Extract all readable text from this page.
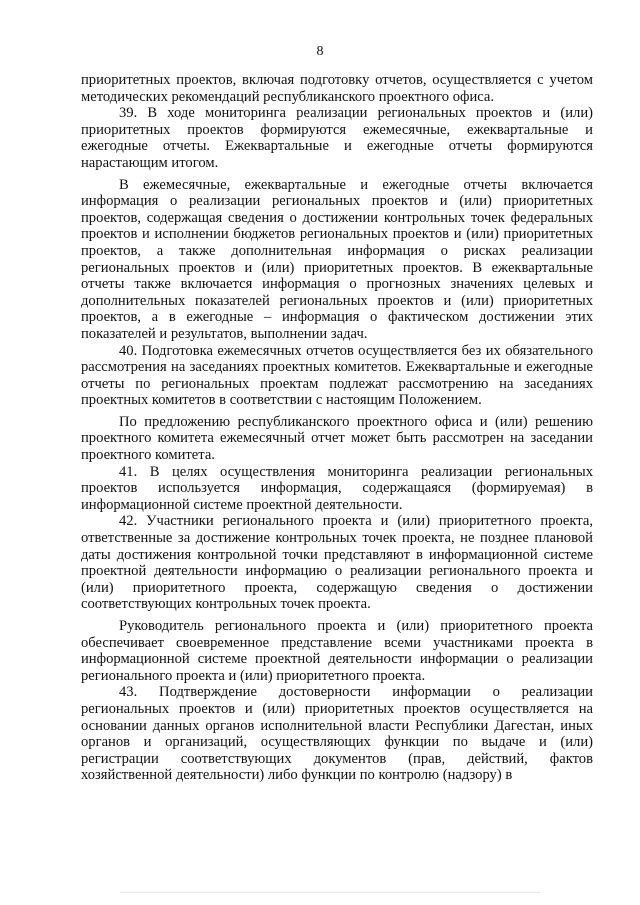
8

приоритетных проектов, включая подготовку отчетов, осуществляется с учетом методических рекомендаций республиканского проектного офиса.

39. В ходе мониторинга реализации региональных проектов и (или) приоритетных проектов формируются ежемесячные, ежеквартальные и ежегодные отчеты. Ежеквартальные и ежегодные отчеты формируются нарастающим итогом.

В ежемесячные, ежеквартальные и ежегодные отчеты включается информация о реализации региональных проектов и (или) приоритетных проектов, содержащая сведения о достижении контрольных точек федеральных проектов и исполнении бюджетов региональных проектов и (или) приоритетных проектов, а также дополнительная информация о рисках реализации региональных проектов и (или) приоритетных проектов. В ежеквартальные отчеты также включается информация о прогнозных значениях целевых и дополнительных показателей региональных проектов и (или) приоритетных проектов, а в ежегодные – информация о фактическом достижении этих показателей и результатов, выполнении задач.

40. Подготовка ежемесячных отчетов осуществляется без их обязательного рассмотрения на заседаниях проектных комитетов. Ежеквартальные и ежегодные отчеты по региональных проектам подлежат рассмотрению на заседаниях проектных комитетов в соответствии с настоящим Положением.

По предложению республиканского проектного офиса и (или) решению проектного комитета ежемесячный отчет может быть рассмотрен на заседании проектного комитета.

41. В целях осуществления мониторинга реализации региональных проектов используется информация, содержащаяся (формируемая) в информационной системе проектной деятельности.

42. Участники регионального проекта и (или) приоритетного проекта, ответственные за достижение контрольных точек проекта, не позднее плановой даты достижения контрольной точки представляют в информационной системе проектной деятельности информацию о реализации регионального проекта и (или) приоритетного проекта, содержащую сведения о достижении соответствующих контрольных точек проекта.

Руководитель регионального проекта и (или) приоритетного проекта обеспечивает своевременное представление всеми участниками проекта в информационной системе проектной деятельности информации о реализации регионального проекта и (или) приоритетного проекта.

43. Подтверждение достоверности информации о реализации региональных проектов и (или) приоритетных проектов осуществляется на основании данных органов исполнительной власти Республики Дагестан, иных органов и организаций, осуществляющих функции по выдаче и (или) регистрации соответствующих документов (прав, действий, фактов хозяйственной деятельности) либо функции по контролю (надзору) в
